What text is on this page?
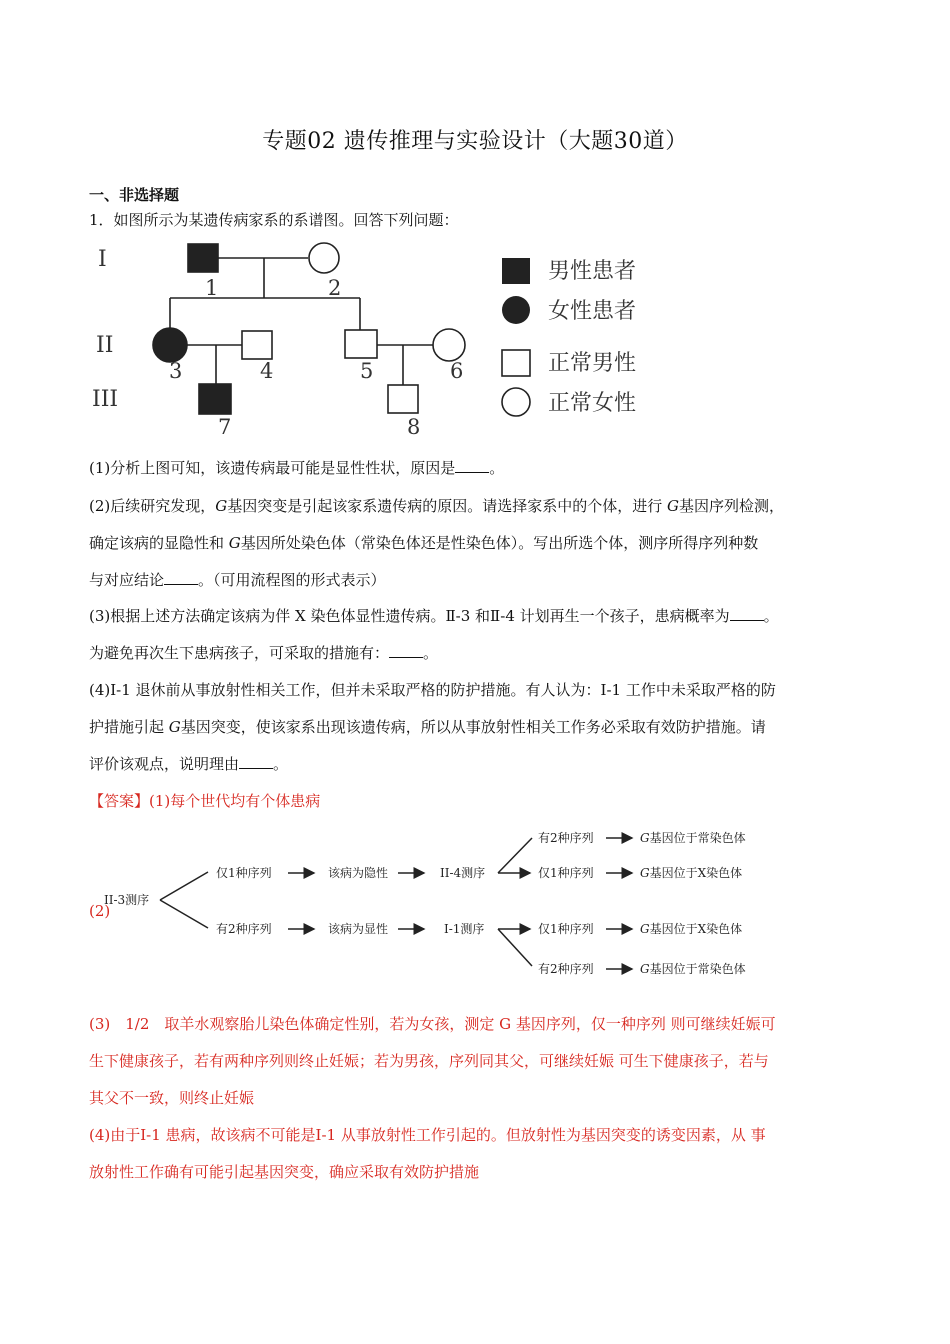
专题02 遗传推理与实验设计（大题30道）
一、非选择题
1．如图所示为某遗传病家系的系谱图。回答下列问题：
I
II
III
1	2
3	4	5	6
7	8
男性患者
女性患者
正常男性
正常女性
(1)分析上图可知，该遗传病最可能是显性性状，原因是 。
(2)后续研究发现，G基因突变是引起该家系遗传病的原因。请选择家系中的个体，进行 G基因序列检测，
确定该病的显隐性和 G基因所处染色体（常染色体还是性染色体）。写出所选个体，测序所得序列种数
与对应结论 。（可用流程图的形式表示）
(3)根据上述方法确定该病为伴 X 染色体显性遗传病。Ⅱ-3 和Ⅱ-4 计划再生一个孩子，患病概率为 。
为避免再次生下患病孩子，可采取的措施有： 。
(4)Ⅰ-1 退休前从事放射性相关工作，但并未采取严格的防护措施。有人认为：Ⅰ-1 工作中未采取严格的防
护措施引起 G基因突变，使该家系出现该遗传病，所以从事放射性相关工作务必采取有效防护措施。请
评价该观点，说明理由 。
【答案】(1)每个世代均有个体患病
(2)
II-3测序
仅1种序列	该病为隐性	II-4测序
有2种序列
仅1种序列
G基因位于常染色体
G基因位于X染色体
有2种序列	该病为显性	I-1测序	仅1种序列
有2种序列
G基因位于X染色体
G基因位于常染色体
(3)　1/2　取羊水观察胎儿染色体确定性别，若为女孩，测定 G 基因序列，仅一种序列 则可继续妊娠可
生下健康孩子，若有两种序列则终止妊娠；若为男孩，序列同其父，可继续妊娠 可生下健康孩子，若与
其父不一致，则终止妊娠
(4)由于Ⅰ-1 患病，故该病不可能是Ⅰ-1 从事放射性工作引起的。但放射性为基因突变的诱变因素，从 事
放射性工作确有可能引起基因突变，确应采取有效防护措施
